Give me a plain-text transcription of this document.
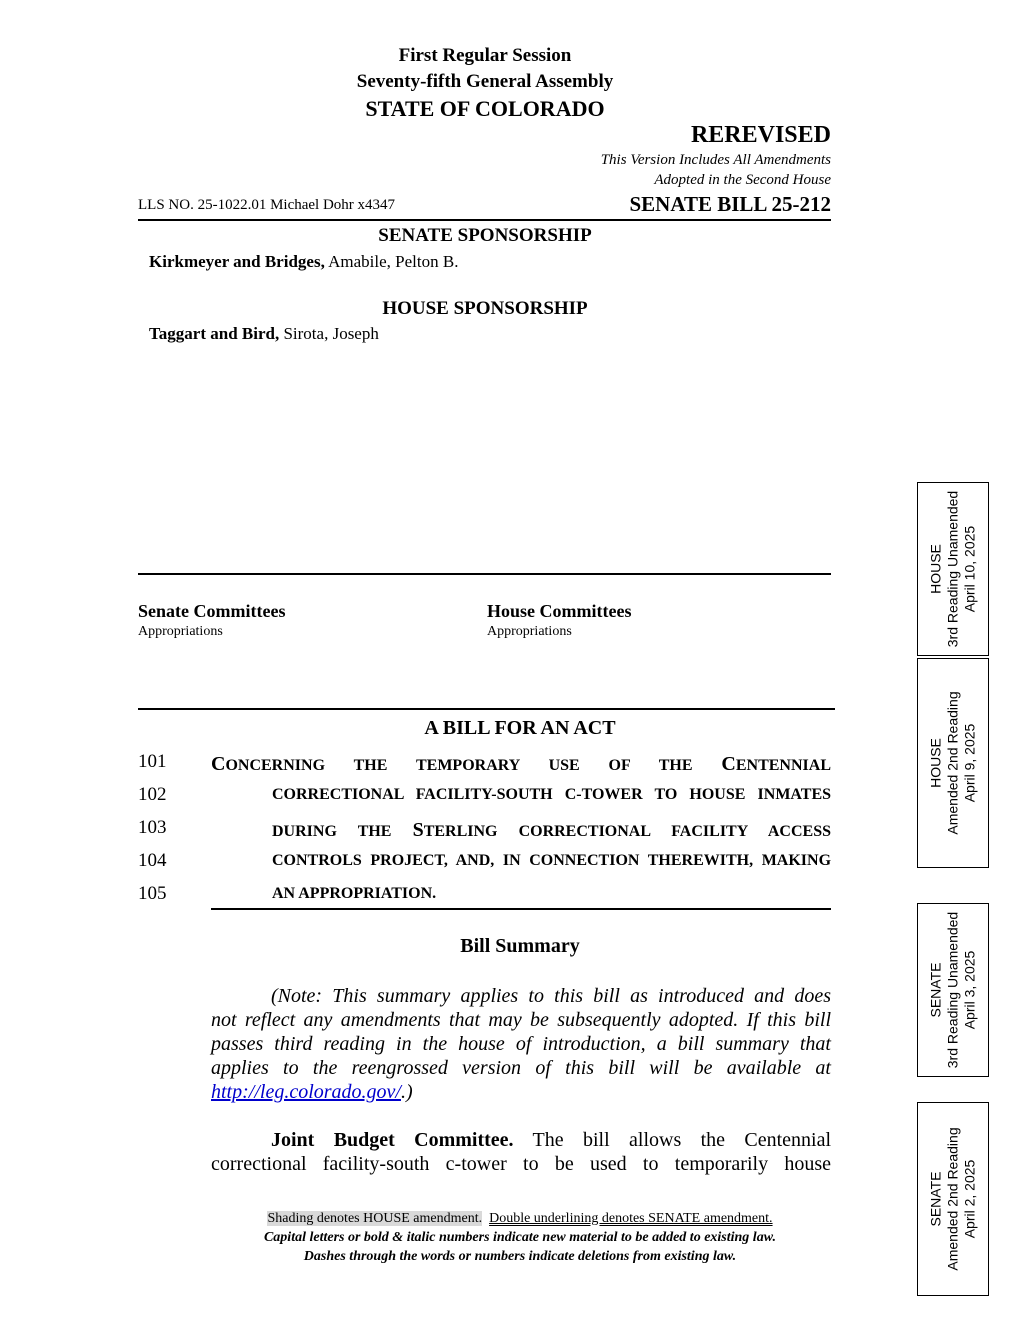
First Regular Session
Seventy-fifth General Assembly
STATE OF COLORADO
REREVISED
This Version Includes All Amendments
Adopted in the Second House
LLS NO. 25-1022.01 Michael Dohr x4347	SENATE BILL 25-212
SENATE SPONSORSHIP
Kirkmeyer and Bridges, Amabile, Pelton B.
HOUSE SPONSORSHIP
Taggart and Bird, Sirota, Joseph
Senate Committees
Appropriations
House Committees
Appropriations
A BILL FOR AN ACT
101 CONCERNING THE TEMPORARY USE OF THE CENTENNIAL
102	CORRECTIONAL FACILITY-SOUTH C-TOWER TO HOUSE INMATES
103	DURING THE STERLING CORRECTIONAL FACILITY ACCESS
104	CONTROLS PROJECT, AND, IN CONNECTION THEREWITH, MAKING
105	AN APPROPRIATION.
Bill Summary
(Note: This summary applies to this bill as introduced and does
not reflect any amendments that may be subsequently adopted. If this bill
passes third reading in the house of introduction, a bill summary that
applies to the reengrossed version of this bill will be available at
http://leg.colorado.gov/.)
Joint Budget Committee. The bill allows the Centennial
correctional facility-south c-tower to be used to temporarily house
Shading denotes HOUSE amendment. Double underlining denotes SENATE amendment.
Capital letters or bold & italic numbers indicate new material to be added to existing law.
Dashes through the words or numbers indicate deletions from existing law.
HOUSE 3rd Reading Unamended April 10, 2025
HOUSE Amended 2nd Reading April 9, 2025
SENATE 3rd Reading Unamended April 3, 2025
SENATE Amended 2nd Reading April 2, 2025
